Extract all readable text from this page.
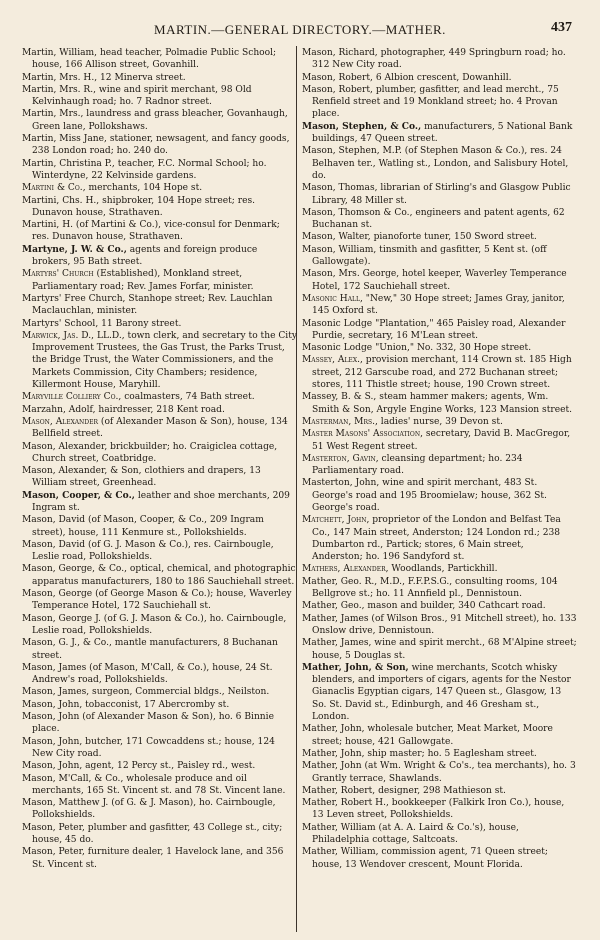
MARTIN.—GENERAL DIRECTORY.—MATHER.	437

Martin, William, head teacher, Polmadie Public School; house, 166 Allison street, Govanhill.

Martin, Mrs. H., 12 Minerva street.

Martin, Mrs. R., wine and spirit merchant, 98 Old Kelvinhaugh road; ho. 7 Radnor street.

Martin, Mrs., laundress and grass bleacher, Govanhaugh, Green lane, Pollokshaws.

Martin, Miss Jane, stationer, newsagent, and fancy goods, 238 London road; ho. 240 do.

Martin, Christina P., teacher, F.C. Normal School; ho. Winterdyne, 22 Kelvinside gardens.

Martini & Co., merchants, 104 Hope st.

Martini, Chs. H., shipbroker, 104 Hope street; res. Dunavon house, Strathaven.

Martini, H. (of Martini & Co.), vice-consul for Denmark; res. Dunavon house, Strathaven.

Martyne, J. W. & Co., agents and foreign produce brokers, 95 Bath street.

Martyrs' Church (Established), Monkland street, Parliamentary road; Rev. James Forfar, minister.

Martyrs' Free Church, Stanhope street; Rev. Lauchlan Maclauchlan, minister.

Martyrs' School, 11 Barony street.

Marwick, Jas. D., LL.D., town clerk, and secretary to the City Improvement Trustees, the Gas Trust, the Parks Trust, the Bridge Trust, the Water Commissioners, and the Markets Commission, City Chambers; residence, Killermont House, Maryhill.

Maryville Colliery Co., coalmasters, 74 Bath street.

Marzahn, Adolf, hairdresser, 218 Kent road.

Mason, Alexander (of Alexander Mason & Son), house, 134 Bellfield street.

Mason, Alexander, brickbuilder; ho. Craigiclea cottage, Church street, Coatbridge.

Mason, Alexander, & Son, clothiers and drapers, 13 William street, Greenhead.

Mason, Cooper, & Co., leather and shoe merchants, 209 Ingram st.

Mason, David (of Mason, Cooper, & Co., 209 Ingram street), house, 111 Kenmure st., Pollokshields.

Mason, David (of G. J. Mason & Co.), res. Cairnbougle, Leslie road, Pollokshields.

Mason, George, & Co., optical, chemical, and photographic apparatus manufacturers, 180 to 186 Sauchiehall street.

Mason, George (of George Mason & Co.); house, Waverley Temperance Hotel, 172 Sauchiehall st.

Mason, George J. (of G. J. Mason & Co.), ho. Cairnbougle, Leslie road, Pollokshields.

Mason, G. J., & Co., mantle manufacturers, 8 Buchanan street.

Mason, James (of Mason, M'Call, & Co.), house, 24 St. Andrew's road, Pollokshields.

Mason, James, surgeon, Commercial bldgs., Neilston.

Mason, John, tobacconist, 17 Abercromby st.

Mason, John (of Alexander Mason & Son), ho. 6 Binnie place.

Mason, John, butcher, 171 Cowcaddens st.; house, 124 New City road.

Mason, John, agent, 12 Percy st., Paisley rd., west.

Mason, M'Call, & Co., wholesale produce and oil merchants, 165 St. Vincent st. and 78 St. Vincent lane.

Mason, Matthew J. (of G. & J. Mason), ho. Cairnbougle, Pollokshields.

Mason, Peter, plumber and gasfitter, 43 College st., city; house, 45 do.

Mason, Peter, furniture dealer, 1 Havelock lane, and 356 St. Vincent st.

Mason, Richard, photographer, 449 Springburn road; ho. 312 New City road.

Mason, Robert, 6 Albion crescent, Dowanhill.

Mason, Robert, plumber, gasfitter, and lead mercht., 75 Renfield street and 19 Monkland street; ho. 4 Provan place.

Mason, Stephen, & Co., manufacturers, 5 National Bank buildings, 47 Queen street.

Mason, Stephen, M.P. (of Stephen Mason & Co.), res. 24 Belhaven ter., Watling st., London, and Salisbury Hotel, do.

Mason, Thomas, librarian of Stirling's and Glasgow Public Library, 48 Miller st.

Mason, Thomson & Co., engineers and patent agents, 62 Buchanan st.

Mason, Walter, pianoforte tuner, 150 Sword street.

Mason, William, tinsmith and gasfitter, 5 Kent st. (off Gallowgate).

Mason, Mrs. George, hotel keeper, Waverley Temperance Hotel, 172 Sauchiehall street.

Masonic Hall, "New," 30 Hope street; James Gray, janitor, 145 Oxford st.

Masonic Lodge "Plantation," 465 Paisley road, Alexander Purdie, secretary, 16 M'Lean street.

Masonic Lodge "Union," No. 332, 30 Hope street.

Massey, Alex., provision merchant, 114 Crown st. 185 High street, 212 Garscube road, and 272 Buchanan street; stores, 111 Thistle street; house, 190 Crown street.

Massey, B. & S., steam hammer makers; agents, Wm. Smith & Son, Argyle Engine Works, 123 Mansion street.

Masterman, Mrs., ladies' nurse, 39 Devon st.

Master Masons' Association, secretary, David B. MacGregor, 51 West Regent street.

Masterton, Gavin, cleansing department; ho. 234 Parliamentary road.

Masterton, John, wine and spirit merchant, 483 St. George's road and 195 Broomielaw; house, 362 St. George's road.

Matchett, John, proprietor of the London and Belfast Tea Co., 147 Main street, Anderston; 124 London rd.; 238 Dumbarton rd., Partick; stores, 6 Main street, Anderston; ho. 196 Sandyford st.

Mathers, Alexander, Woodlands, Partickhill.

Mather, Geo. R., M.D., F.F.P.S.G., consulting rooms, 104 Bellgrove st.; ho. 11 Annfield pl., Dennistoun.

Mather, Geo., mason and builder, 340 Cathcart road.

Mather, James (of Wilson Bros., 91 Mitchell street), ho. 133 Onslow drive, Dennistoun.

Mather, James, wine and spirit mercht., 68 M'Alpine street; house, 5 Douglas st.

Mather, John, & Son, wine merchants, Scotch whisky blenders, and importers of cigars, agents for the Nestor Gianaclis Egyptian cigars, 147 Queen st., Glasgow, 13 So. St. David st., Edinburgh, and 46 Gresham st., London.

Mather, John, wholesale butcher, Meat Market, Moore street; house, 421 Gallowgate.

Mather, John, ship master; ho. 5 Eaglesham street.

Mather, John (at Wm. Wright & Co's., tea merchants), ho. 3 Grantly terrace, Shawlands.

Mather, Robert, designer, 298 Mathieson st.

Mather, Robert H., bookkeeper (Falkirk Iron Co.), house, 13 Leven street, Pollokshields.

Mather, William (at A. A. Laird & Co.'s), house, Philadelphia cottage, Saltcoats.

Mather, William, commission agent, 71 Queen street; house, 13 Wendover crescent, Mount Florida.
